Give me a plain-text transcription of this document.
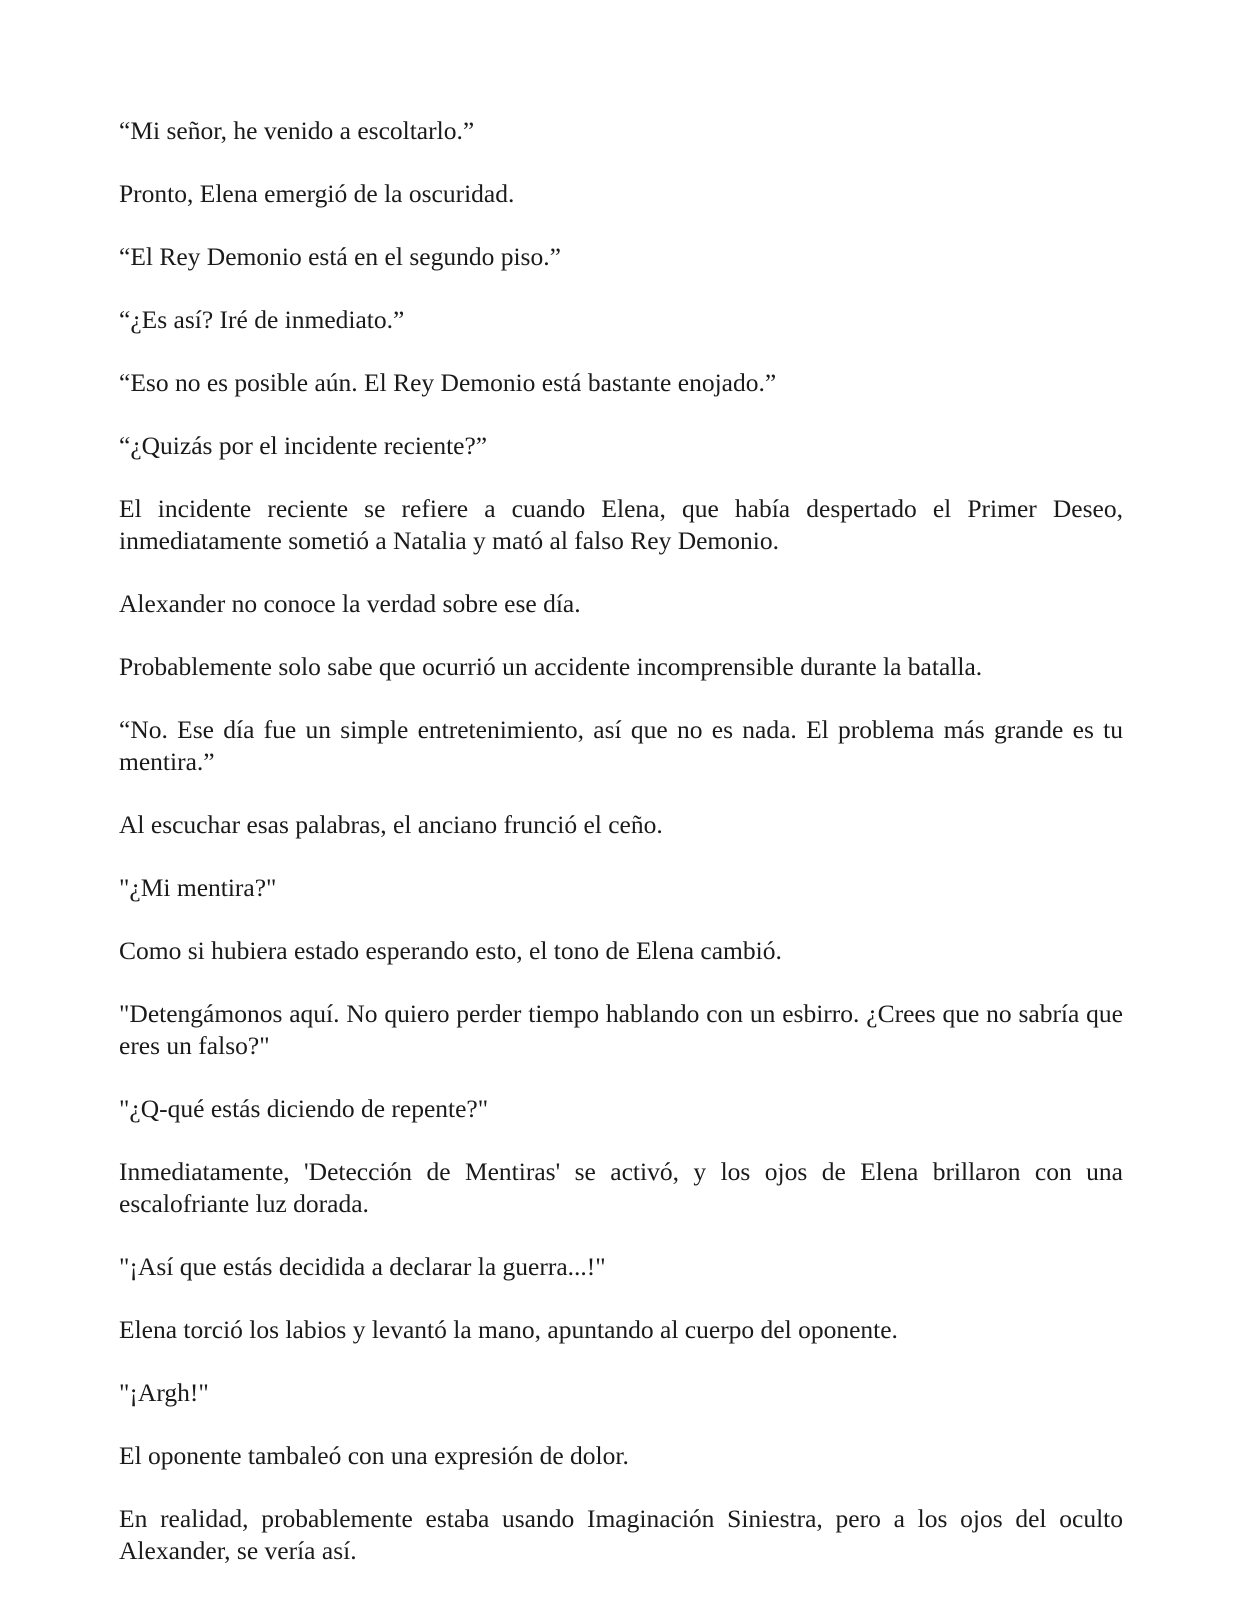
“Mi señor, he venido a escoltarlo.”

Pronto, Elena emergió de la oscuridad.

“El Rey Demonio está en el segundo piso.”

“¿Es así? Iré de inmediato.”

“Eso no es posible aún. El Rey Demonio está bastante enojado.”

“¿Quizás por el incidente reciente?”

El incidente reciente se refiere a cuando Elena, que había despertado el Primer Deseo, inmediatamente sometió a Natalia y mató al falso Rey Demonio.

Alexander no conoce la verdad sobre ese día.

Probablemente solo sabe que ocurrió un accidente incomprensible durante la batalla.

“No. Ese día fue un simple entretenimiento, así que no es nada. El problema más grande es tu mentira.”

Al escuchar esas palabras, el anciano frunció el ceño.

"¿Mi mentira?"

Como si hubiera estado esperando esto, el tono de Elena cambió.

"Detengámonos aquí. No quiero perder tiempo hablando con un esbirro. ¿Crees que no sabría que eres un falso?"

"¿Q-qué estás diciendo de repente?"

Inmediatamente, 'Detección de Mentiras' se activó, y los ojos de Elena brillaron con una escalofriante luz dorada.

"¡Así que estás decidida a declarar la guerra...!"

Elena torció los labios y levantó la mano, apuntando al cuerpo del oponente.

"¡Argh!"

El oponente tambaleó con una expresión de dolor.

En realidad, probablemente estaba usando Imaginación Siniestra, pero a los ojos del oculto Alexander, se vería así.
